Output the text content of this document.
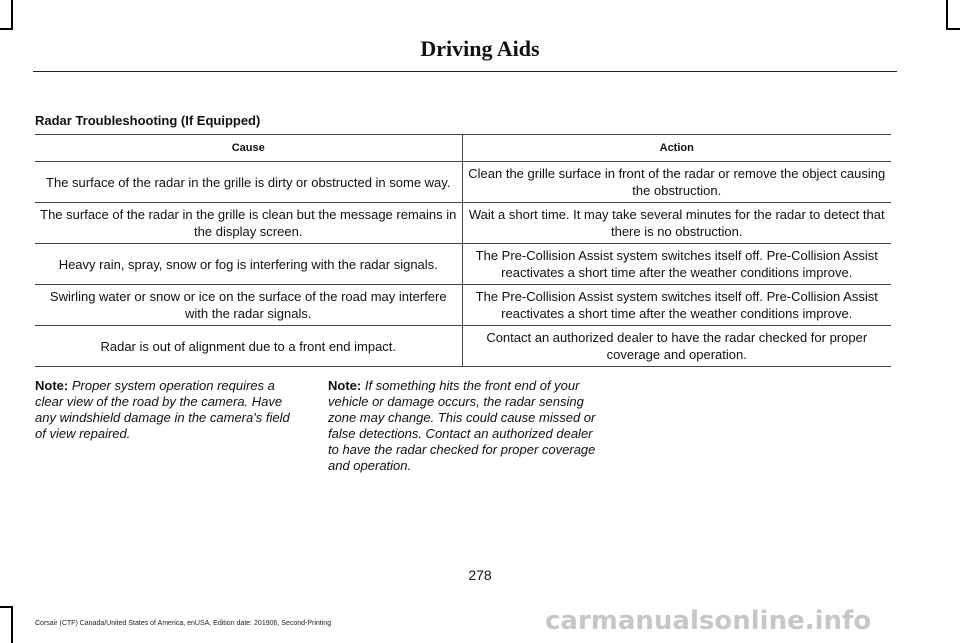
Driving Aids
Radar Troubleshooting (If Equipped)
Cause	Action
The surface of the radar in the grille is dirty or obstructed in some way.	Clean the grille surface in front of the radar or remove the object causing the obstruction.
The surface of the radar in the grille is clean but the message remains in the display screen.	Wait a short time. It may take several minutes for the radar to detect that there is no obstruction.
Heavy rain, spray, snow or fog is interfering with the radar signals.	The Pre-Collision Assist system switches itself off. Pre-Collision Assist reactivates a short time after the weather conditions improve.
Swirling water or snow or ice on the surface of the road may interfere with the radar signals.	The Pre-Collision Assist system switches itself off. Pre-Collision Assist reactivates a short time after the weather conditions improve.
Radar is out of alignment due to a front end impact.	Contact an authorized dealer to have the radar checked for proper coverage and operation.
Note: Proper system operation requires a clear view of the road by the camera. Have any windshield damage in the camera's field of view repaired.
Note: If something hits the front end of your vehicle or damage occurs, the radar sensing zone may change. This could cause missed or false detections. Contact an authorized dealer to have the radar checked for proper coverage and operation.
278
Corsair (CTF) Canada/United States of America, enUSA, Edition date: 201906, Second-Printing	carmanualsonline.info
